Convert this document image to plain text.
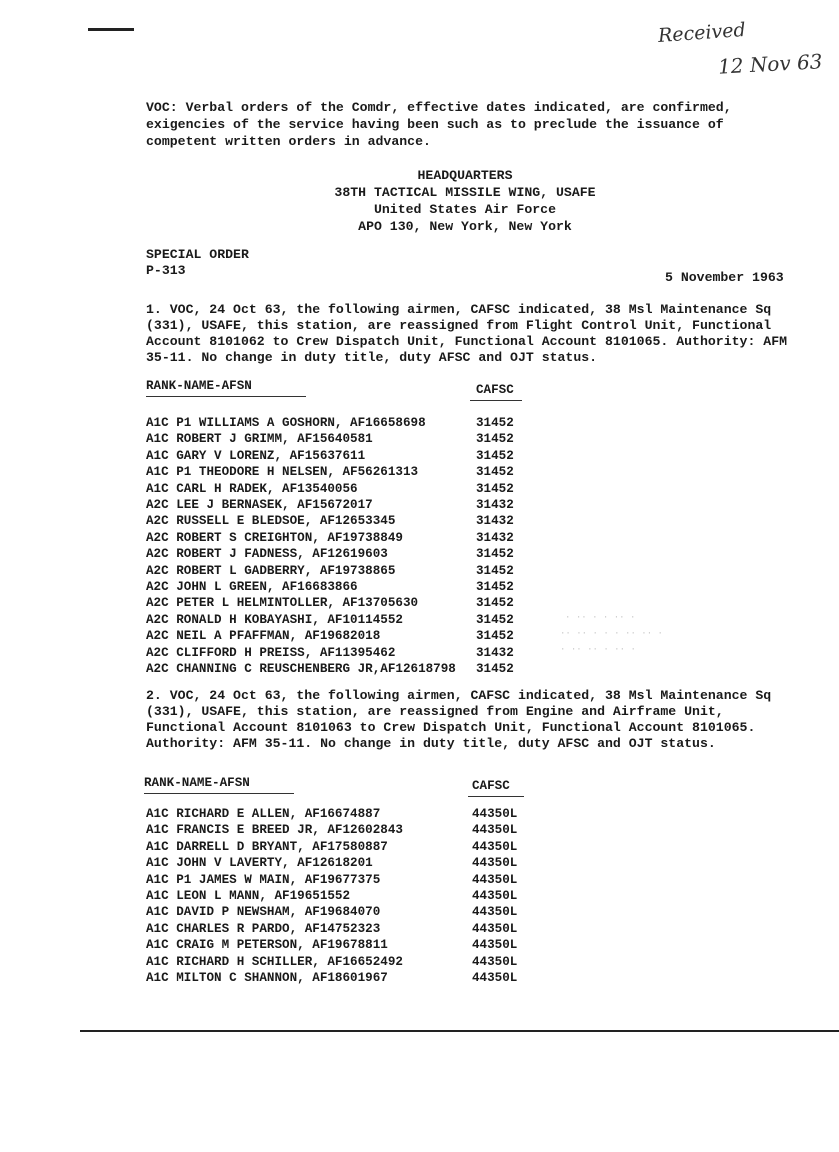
Received
12 Nov 63
VOC: Verbal orders of the Comdr, effective dates indicated, are confirmed, exigencies of the service having been such as to preclude the issuance of competent written orders in advance.
HEADQUARTERS
38TH TACTICAL MISSILE WING, USAFE
United States Air Force
APO 130, New York, New York
SPECIAL ORDER
P-313	5 November 1963
1. VOC, 24 Oct 63, the following airmen, CAFSC indicated, 38 Msl Maintenance Sq (331), USAFE, this station, are reassigned from Flight Control Unit, Functional Account 8101062 to Crew Dispatch Unit, Functional Account 8101065. Authority: AFM 35-11. No change in duty title, duty AFSC and OJT status.
RANK-NAME-AFSN	CAFSC
A1C P1 WILLIAMS A GOSHORN, AF16658698	31452
A1C ROBERT J GRIMM, AF15640581	31452
A1C GARY V LORENZ, AF15637611	31452
A1C P1 THEODORE H NELSEN, AF56261313	31452
A1C CARL H RADEK, AF13540056	31452
A2C LEE J BERNASEK, AF15672017	31432
A2C RUSSELL E BLEDSOE, AF12653345	31432
A2C ROBERT S CREIGHTON, AF19738849	31432
A2C ROBERT J FADNESS, AF12619603	31452
A2C ROBERT L GADBERRY, AF19738865	31452
A2C JOHN L GREEN, AF16683866	31452
A2C PETER L HELMINTOLLER, AF13705630	31452
A2C RONALD H KOBAYASHI, AF10114552	31452
A2C NEIL A PFAFFMAN, AF19682018	31452
A2C CLIFFORD H PREISS, AF11395462	31432
A2C CHANNING C REUSCHENBERG JR,AF12618798	31452
2. VOC, 24 Oct 63, the following airmen, CAFSC indicated, 38 Msl Maintenance Sq (331), USAFE, this station, are reassigned from Engine and Airframe Unit, Functional Account 8101063 to Crew Dispatch Unit, Functional Account 8101065. Authority: AFM 35-11. No change in duty title, duty AFSC and OJT status.
RANK-NAME-AFSN	CAFSC
A1C RICHARD E ALLEN, AF16674887	44350L
A1C FRANCIS E BREED JR, AF12602843	44350L
A1C DARRELL D BRYANT, AF17580887	44350L
A1C JOHN V LAVERTY, AF12618201	44350L
A1C P1 JAMES W MAIN, AF19677375	44350L
A1C LEON L MANN, AF19651552	44350L
A1C DAVID P NEWSHAM, AF19684070	44350L
A1C CHARLES R PARDO, AF14752323	44350L
A1C CRAIG M PETERSON, AF19678811	44350L
A1C RICHARD H SCHILLER, AF16652492	44350L
A1C MILTON C SHANNON, AF18601967	44350L
· ·· · · ·· ·
·· ·· · · · ·· ·· ·
· ·· ·· · ·· ·
